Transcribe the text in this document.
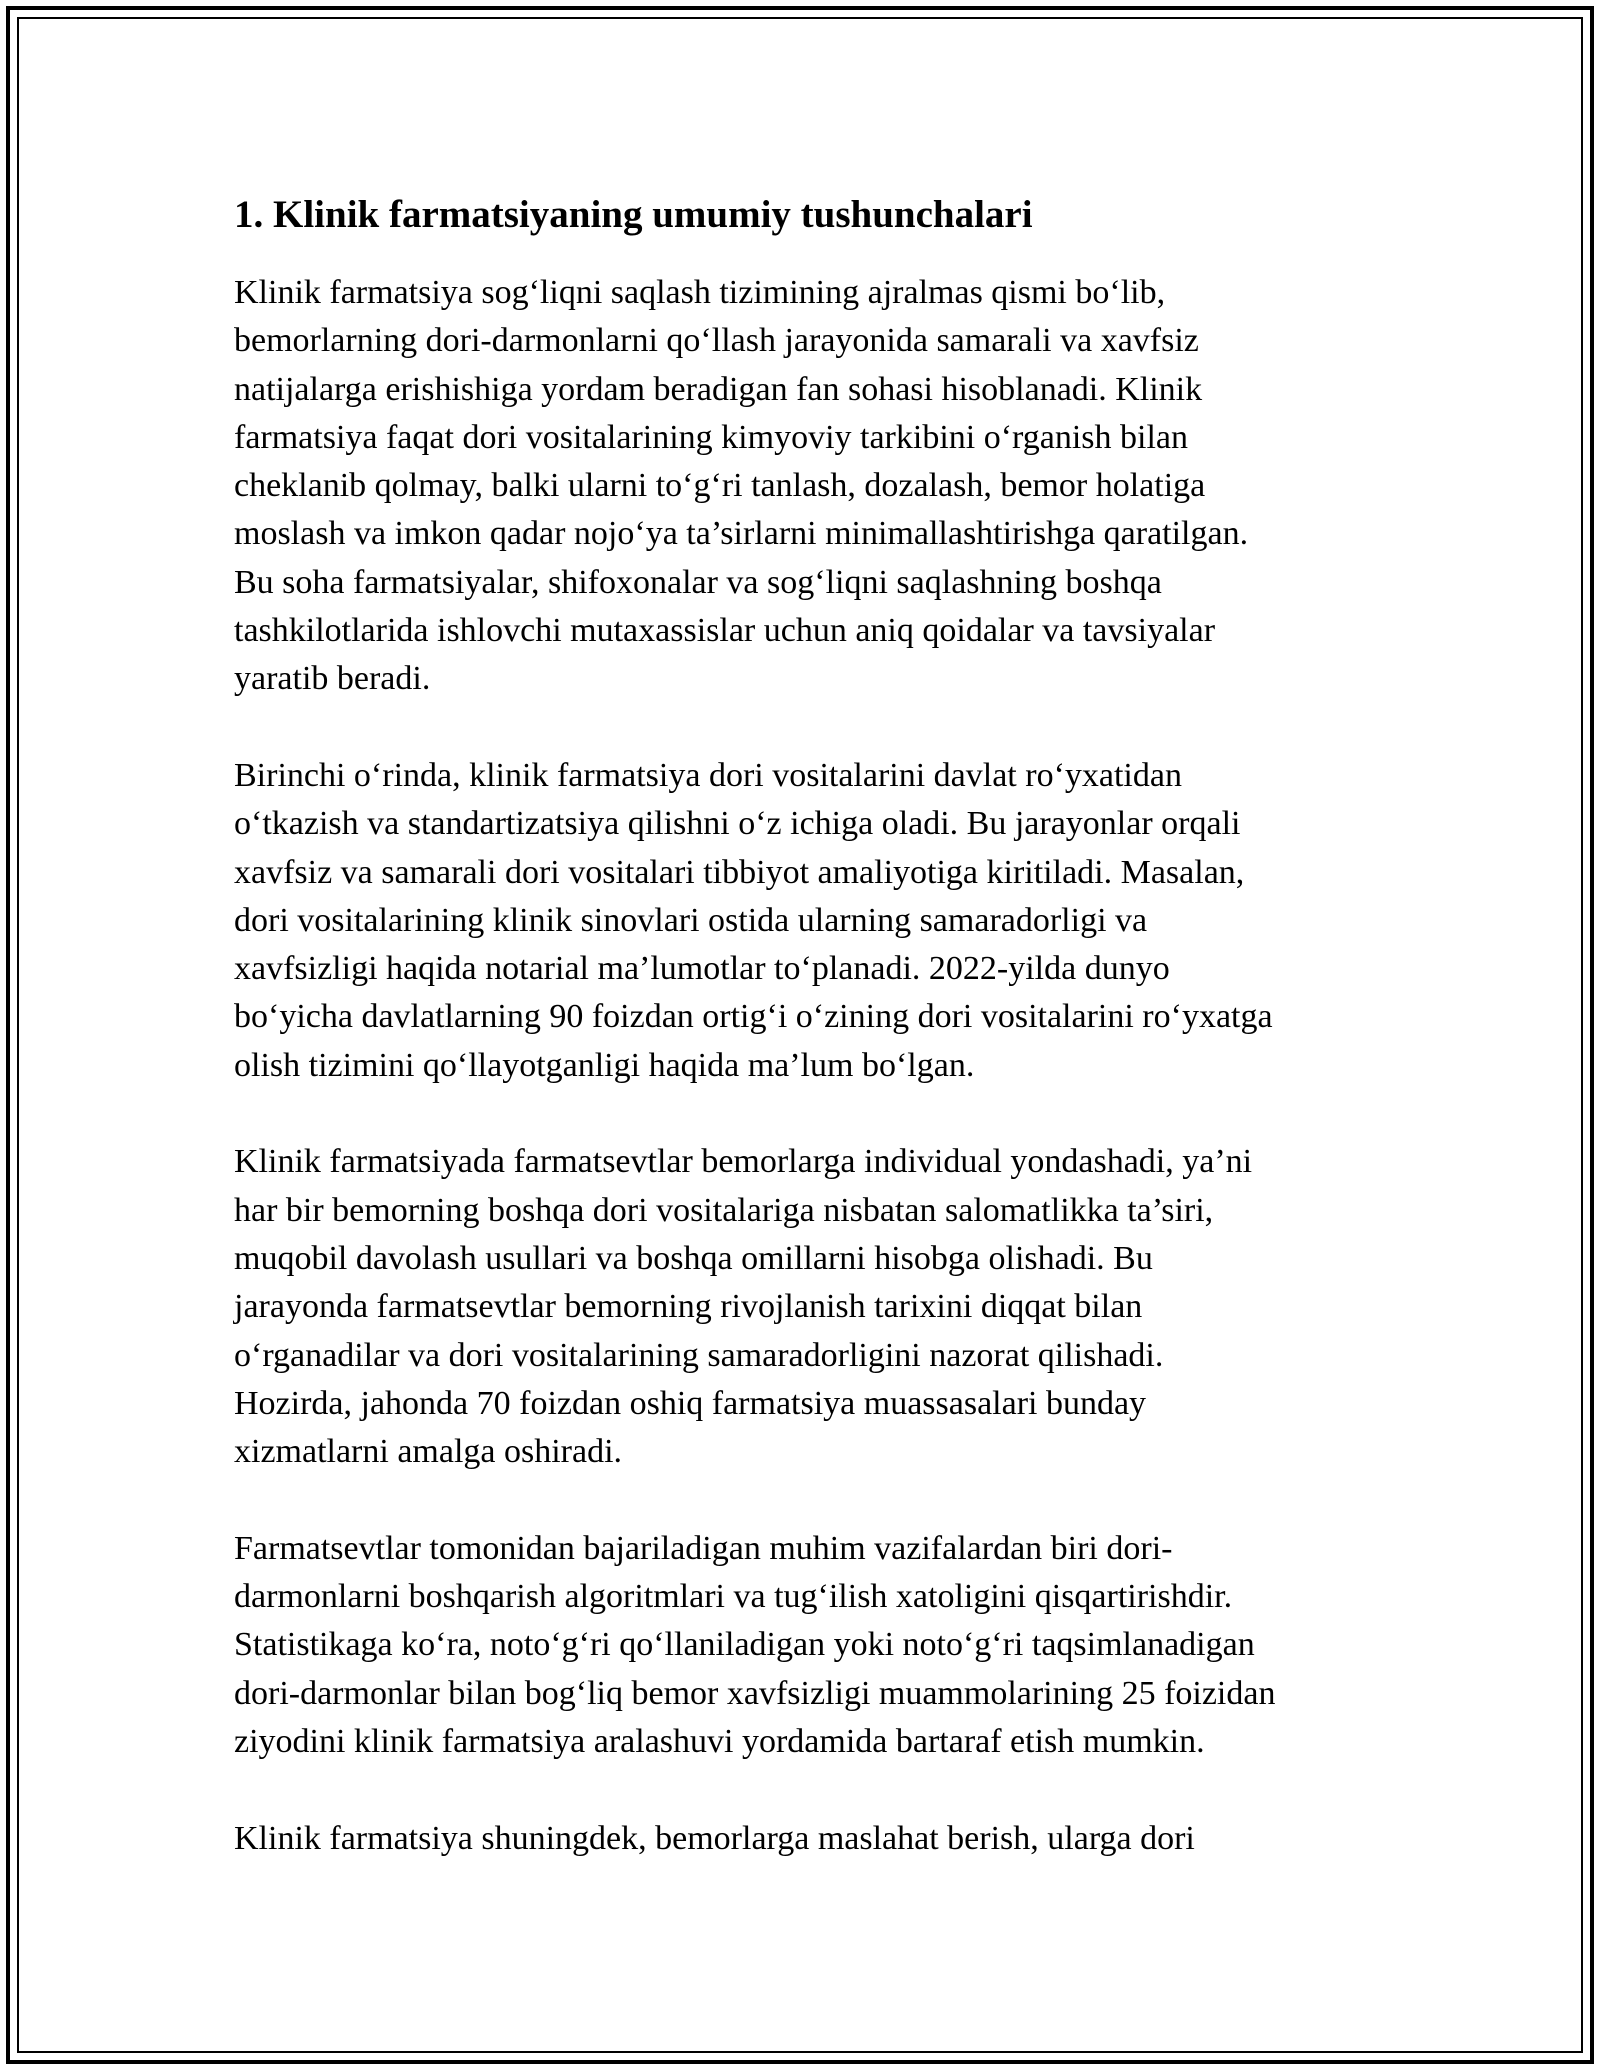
1. Klinik farmatsiyaning umumiy tushunchalari
Klinik farmatsiya sog‘liqni saqlash tizimining ajralmas qismi bo‘lib,
bemorlarning dori-darmonlarni qo‘llash jarayonida samarali va xavfsiz
natijalarga erishishiga yordam beradigan fan sohasi hisoblanadi. Klinik
farmatsiya faqat dori vositalarining kimyoviy tarkibini o‘rganish bilan
cheklanib qolmay, balki ularni to‘g‘ri tanlash, dozalash, bemor holatiga
moslash va imkon qadar nojo‘ya ta’sirlarni minimallashtirishga qaratilgan.
Bu soha farmatsiyalar, shifoxonalar va sog‘liqni saqlashning boshqa
tashkilotlarida ishlovchi mutaxassislar uchun aniq qoidalar va tavsiyalar
yaratib beradi.
Birinchi o‘rinda, klinik farmatsiya dori vositalarini davlat ro‘yxatidan
o‘tkazish va standartizatsiya qilishni o‘z ichiga oladi. Bu jarayonlar orqali
xavfsiz va samarali dori vositalari tibbiyot amaliyotiga kiritiladi. Masalan,
dori vositalarining klinik sinovlari ostida ularning samaradorligi va
xavfsizligi haqida notarial ma’lumotlar to‘planadi. 2022-yilda dunyo
bo‘yicha davlatlarning 90 foizdan ortig‘i o‘zining dori vositalarini ro‘yxatga
olish tizimini qo‘llayotganligi haqida ma’lum bo‘lgan.
Klinik farmatsiyada farmatsevtlar bemorlarga individual yondashadi, ya’ni
har bir bemorning boshqa dori vositalariga nisbatan salomatlikka ta’siri,
muqobil davolash usullari va boshqa omillarni hisobga olishadi. Bu
jarayonda farmatsevtlar bemorning rivojlanish tarixini diqqat bilan
o‘rganadilar va dori vositalarining samaradorligini nazorat qilishadi.
Hozirda, jahonda 70 foizdan oshiq farmatsiya muassasalari bunday
xizmatlarni amalga oshiradi.
Farmatsevtlar tomonidan bajariladigan muhim vazifalardan biri dori-
darmonlarni boshqarish algoritmlari va tug‘ilish xatoligini qisqartirishdir.
Statistikaga ko‘ra, noto‘g‘ri qo‘llaniladigan yoki noto‘g‘ri taqsimlanadigan
dori-darmonlar bilan bog‘liq bemor xavfsizligi muammolarining 25 foizidan
ziyodini klinik farmatsiya aralashuvi yordamida bartaraf etish mumkin.
Klinik farmatsiya shuningdek, bemorlarga maslahat berish, ularga dori
